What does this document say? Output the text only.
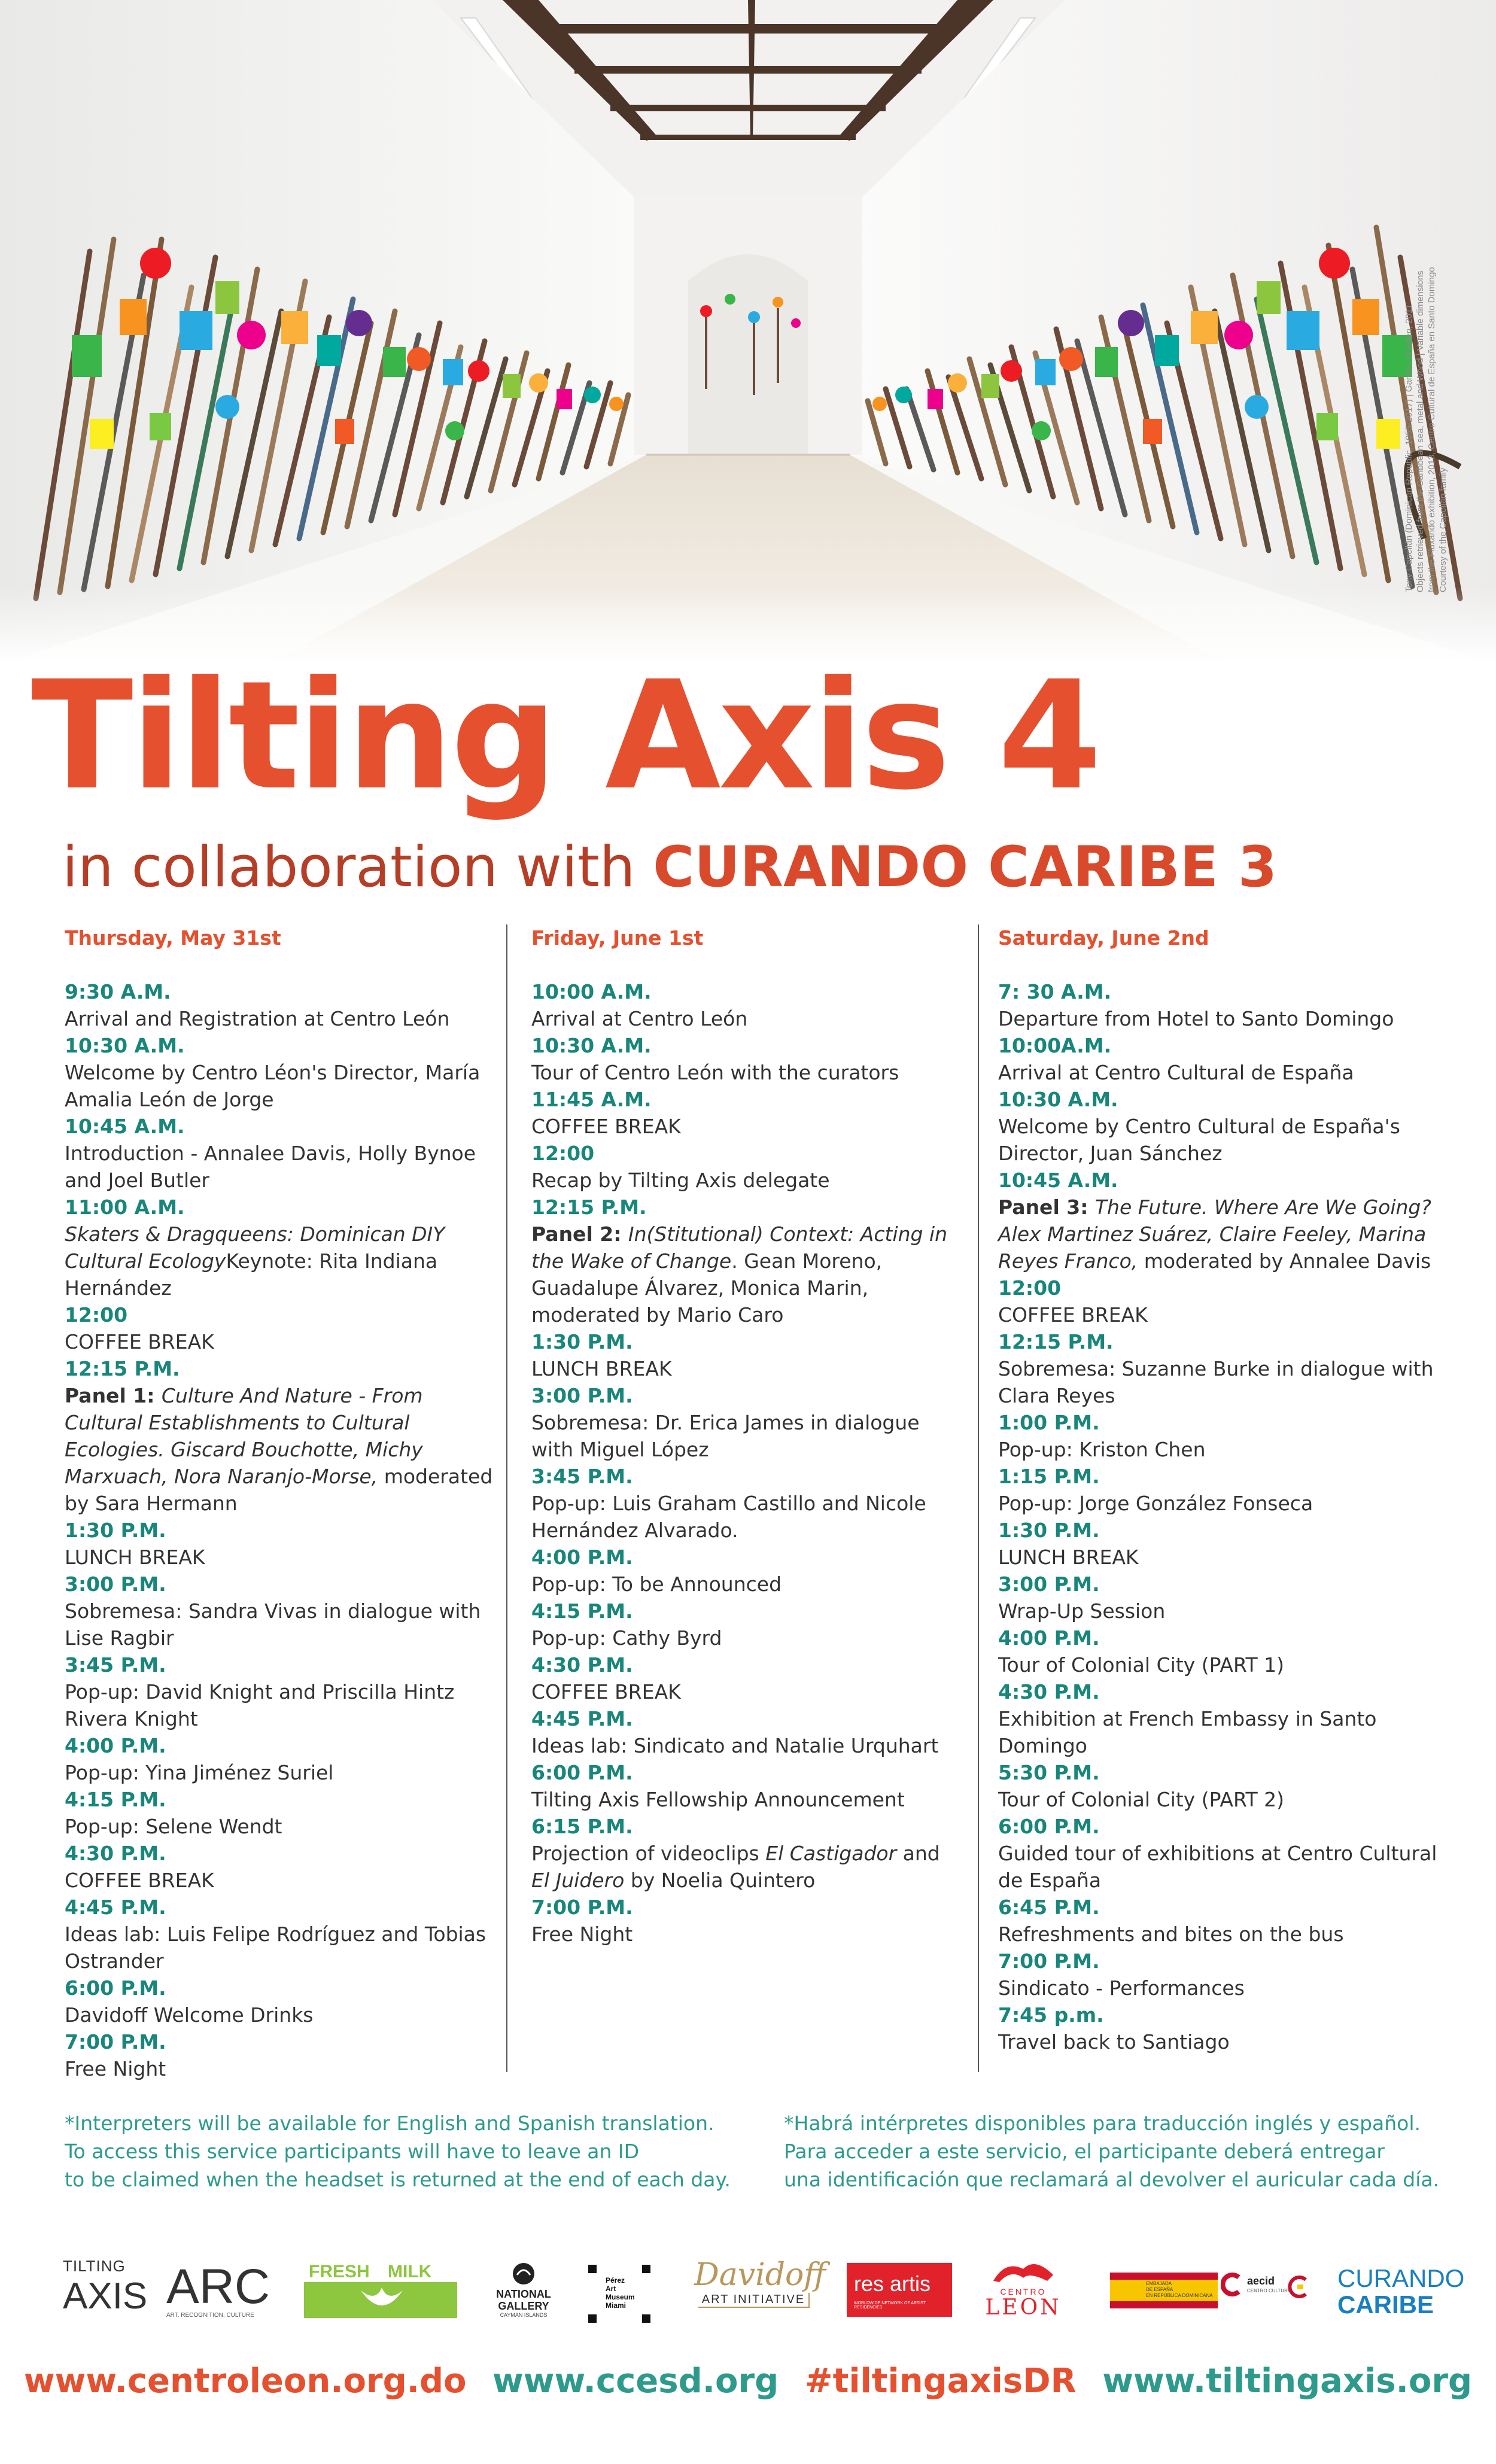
Tony Capellán (Dominican Republic, 1955-2017) | Garden of Eden, 2011 Objects retrieved from the Caribbean sea, metal and Wood | Variable dimensions from the Fluxando exhibition, 2013, Centro Cultural de España en Santo Domingo Courtesy of the Capellán family
Tilting Axis 4
in collaboration with CURANDO CARIBE 3
Thursday, May 31st
9:30 A.M.
Arrival and Registration at Centro León
10:30 A.M.
Welcome by Centro Léon's Director, María Amalia León de Jorge
10:45 A.M.
Introduction - Annalee Davis, Holly Bynoe and Joel Butler
11:00 A.M.
Skaters & Dragqueens: Dominican DIY Cultural EcologyKeynote: Rita Indiana Hernández
12:00
COFFEE BREAK
12:15 P.M.
Panel 1: Culture And Nature - From Cultural Establishments to Cultural Ecologies. Giscard Bouchotte, Michy Marxuach, Nora Naranjo-Morse, moderated by Sara Hermann
1:30 P.M.
LUNCH BREAK
3:00 P.M.
Sobremesa: Sandra Vivas in dialogue with Lise Ragbir
3:45 P.M.
Pop-up: David Knight and Priscilla Hintz Rivera Knight
4:00 P.M.
Pop-up: Yina Jiménez Suriel
4:15 P.M.
Pop-up: Selene Wendt
4:30 P.M.
COFFEE BREAK
4:45 P.M.
Ideas lab: Luis Felipe Rodríguez and Tobias Ostrander
6:00 P.M.
Davidoff Welcome Drinks
7:00 P.M.
Free Night
Friday, June 1st
10:00 A.M.
Arrival at Centro León
10:30 A.M.
Tour of Centro León with the curators
11:45 A.M.
COFFEE BREAK
12:00
Recap by Tilting Axis delegate
12:15 P.M.
Panel 2: In(Stitutional) Context: Acting in the Wake of Change. Gean Moreno, Guadalupe Álvarez, Monica Marin, moderated by Mario Caro
1:30 P.M.
LUNCH BREAK
3:00 P.M.
Sobremesa: Dr. Erica James in dialogue with Miguel López
3:45 P.M.
Pop-up: Luis Graham Castillo and Nicole Hernández Alvarado.
4:00 P.M.
Pop-up: To be Announced
4:15 P.M.
Pop-up: Cathy Byrd
4:30 P.M.
COFFEE BREAK
4:45 P.M.
Ideas lab: Sindicato and Natalie Urquhart
6:00 P.M.
Tilting Axis Fellowship Announcement
6:15 P.M.
Projection of videoclips El Castigador and El Juidero by Noelia Quintero
7:00 P.M.
Free Night
Saturday, June 2nd
7: 30 A.M.
Departure from Hotel to Santo Domingo
10:00A.M.
Arrival at Centro Cultural de España
10:30 A.M.
Welcome by Centro Cultural de España's Director, Juan Sánchez
10:45 A.M.
Panel 3: The Future. Where Are We Going? Alex Martinez Suárez, Claire Feeley, Marina Reyes Franco, moderated by Annalee Davis
12:00
COFFEE BREAK
12:15 P.M.
Sobremesa: Suzanne Burke in dialogue with Clara Reyes
1:00 P.M.
Pop-up: Kriston Chen
1:15 P.M.
Pop-up: Jorge González Fonseca
1:30 P.M.
LUNCH BREAK
3:00 P.M.
Wrap-Up Session
4:00 P.M.
Tour of Colonial City (PART 1)
4:30 P.M.
Exhibition at French Embassy in Santo Domingo
5:30 P.M.
Tour of Colonial City (PART 2)
6:00 P.M.
Guided tour of exhibitions at Centro Cultural de España
6:45 P.M.
Refreshments and bites on the bus
7:00 P.M.
Sindicato - Performances
7:45 p.m.
Travel back to Santiago
*Interpreters will be available for English and Spanish translation.
To access this service participants will have to leave an ID
to be claimed when the headset is returned at the end of each day.
*Habrá intérpretes disponibles para traducción inglés y español.
Para acceder a este servicio, el participante deberá entregar
una identificación que reclamará al devolver el auricular cada día.
TILTING
AXIS ARC
ART. RECOGNITION. CULTURE
FRESH MILK
NATIONAL
GALLERY
CAYMAN ISLANDS
Pérez
Art
Museum
Miami
Davidoff
ART INITIATIVE
res artis
WORLDWIDE NETWORK OF ARTIST RESIDENCIES
CENTRO
LEON
EMBAJADA
DE ESPAÑA
EN REPÚBLICA DOMINICANA
aecid
CENTRO CULTURAL CURANDO
CARIBE
www.centroleon.org.do www.ccesd.org #tiltingaxisDR www.tiltingaxis.org
